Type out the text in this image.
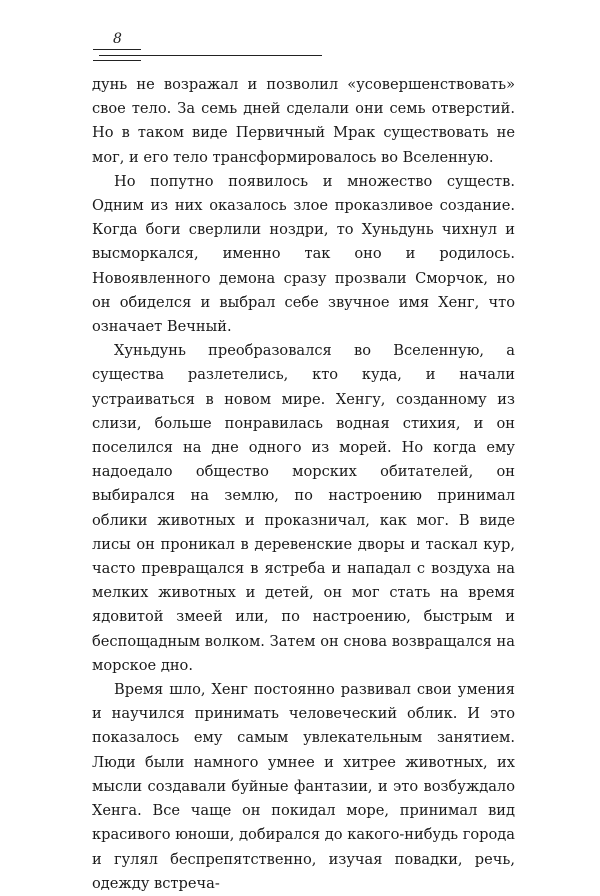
8

дунь не возражал и позволил «усовершенствовать» свое тело. За семь дней сделали они семь отверстий. Но в таком виде Первичный Мрак существовать не мог, и его тело трансформировалось во Вселенную.

Но попутно появилось и множество существ. Одним из них оказалось злое проказливое создание. Когда боги сверлили ноздри, то Хуньдунь чихнул и высморкался, именно так оно и родилось. Новоявленного демона сразу прозвали Сморчок, но он обиделся и выбрал себе звучное имя Хенг, что означает Вечный.

Хуньдунь преобразовался во Вселенную, а существа разлетелись, кто куда, и начали устраиваться в новом мире. Хенгу, созданному из слизи, больше понравилась водная стихия, и он поселился на дне одного из морей. Но когда ему надоедало общество морских обитателей, он выбирался на землю, по настроению принимал облики животных и проказничал, как мог. В виде лисы он проникал в деревенские дворы и таскал кур, часто превращался в ястреба и нападал с воздуха на мелких животных и детей, он мог стать на время ядовитой змеей или, по настроению, быстрым и беспощадным волком. Затем он снова возвращался на морское дно.

Время шло, Хенг постоянно развивал свои умения и научился принимать человеческий облик. И это показалось ему самым увлекательным занятием. Люди были намного умнее и хитрее животных, их мысли создавали буйные фантазии, и это возбуждало Хенга. Все чаще он покидал море, принимал вид красивого юноши, добирался до какого-нибудь города и гулял беспрепятственно, изучая повадки, речь, одежду встреча-
